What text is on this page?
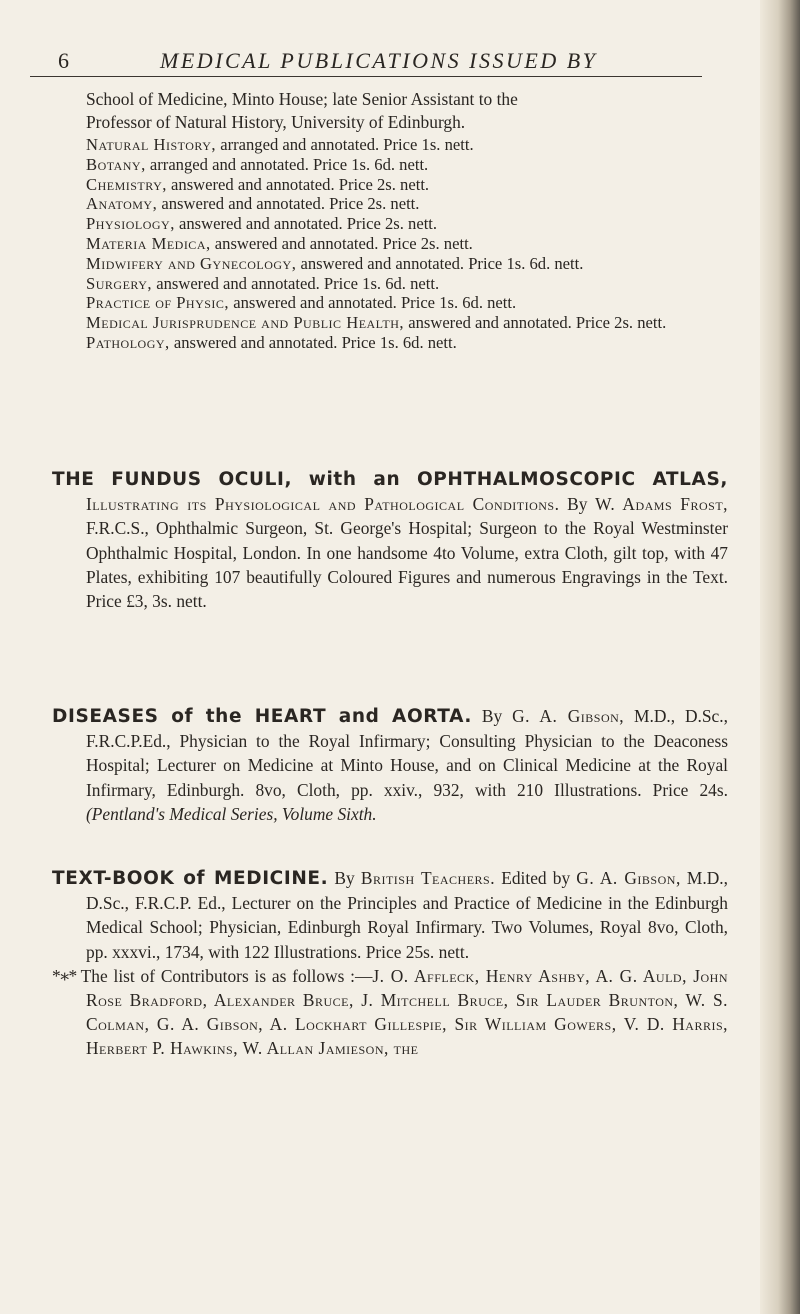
6	MEDICAL PUBLICATIONS ISSUED BY
School of Medicine, Minto House; late Senior Assistant to the
Professor of Natural History, University of Edinburgh.
Natural History, arranged and annotated. Price 1s. nett.
Botany, arranged and annotated. Price 1s. 6d. nett.
Chemistry, answered and annotated. Price 2s. nett.
Anatomy, answered and annotated. Price 2s. nett.
Physiology, answered and annotated. Price 2s. nett.
Materia Medica, answered and annotated. Price 2s. nett.
Midwifery and Gynecology, answered and annotated. Price 1s. 6d. nett.
Surgery, answered and annotated. Price 1s. 6d. nett.
Practice of Physic, answered and annotated. Price 1s. 6d. nett.
Medical Jurisprudence and Public Health, answered and annotated. Price 2s. nett.
Pathology, answered and annotated. Price 1s. 6d. nett.

THE FUNDUS OCULI, with an OPHTHALMOSCOPIC ATLAS, Illustrating its Physiological and Pathological Conditions. By W. Adams Frost, F.R.C.S., Ophthalmic Surgeon, St. George's Hospital; Surgeon to the Royal Westminster Ophthalmic Hospital, London. In one handsome 4to Volume, extra Cloth, gilt top, with 47 Plates, exhibiting 107 beautifully Coloured Figures and numerous Engravings in the Text. Price £3, 3s. nett.

DISEASES of the HEART and AORTA. By G. A. Gibson, M.D., D.Sc., F.R.C.P.Ed., Physician to the Royal Infirmary; Consulting Physician to the Deaconess Hospital; Lecturer on Medicine at Minto House, and on Clinical Medicine at the Royal Infirmary, Edinburgh. 8vo, Cloth, pp. xxiv., 932, with 210 Illustrations. Price 24s. (Pentland's Medical Series, Volume Sixth.

TEXT-BOOK of MEDICINE. By British Teachers. Edited by G. A. Gibson, M.D., D.Sc., F.R.C.P. Ed., Lecturer on the Principles and Practice of Medicine in the Edinburgh Medical School; Physician, Edinburgh Royal Infirmary. Two Volumes, Royal 8vo, Cloth, pp. xxxvi., 1734, with 122 Illustrations. Price 25s. nett.

*∗* The list of Contributors is as follows :—J. O. Affleck, Henry Ashby, A. G. Auld, John Rose Bradford, Alexander Bruce, J. Mitchell Bruce, Sir Lauder Brunton, W. S. Colman, G. A. Gibson, A. Lockhart Gillespie, Sir William Gowers, V. D. Harris, Herbert P. Hawkins, W. Allan Jamieson, the
